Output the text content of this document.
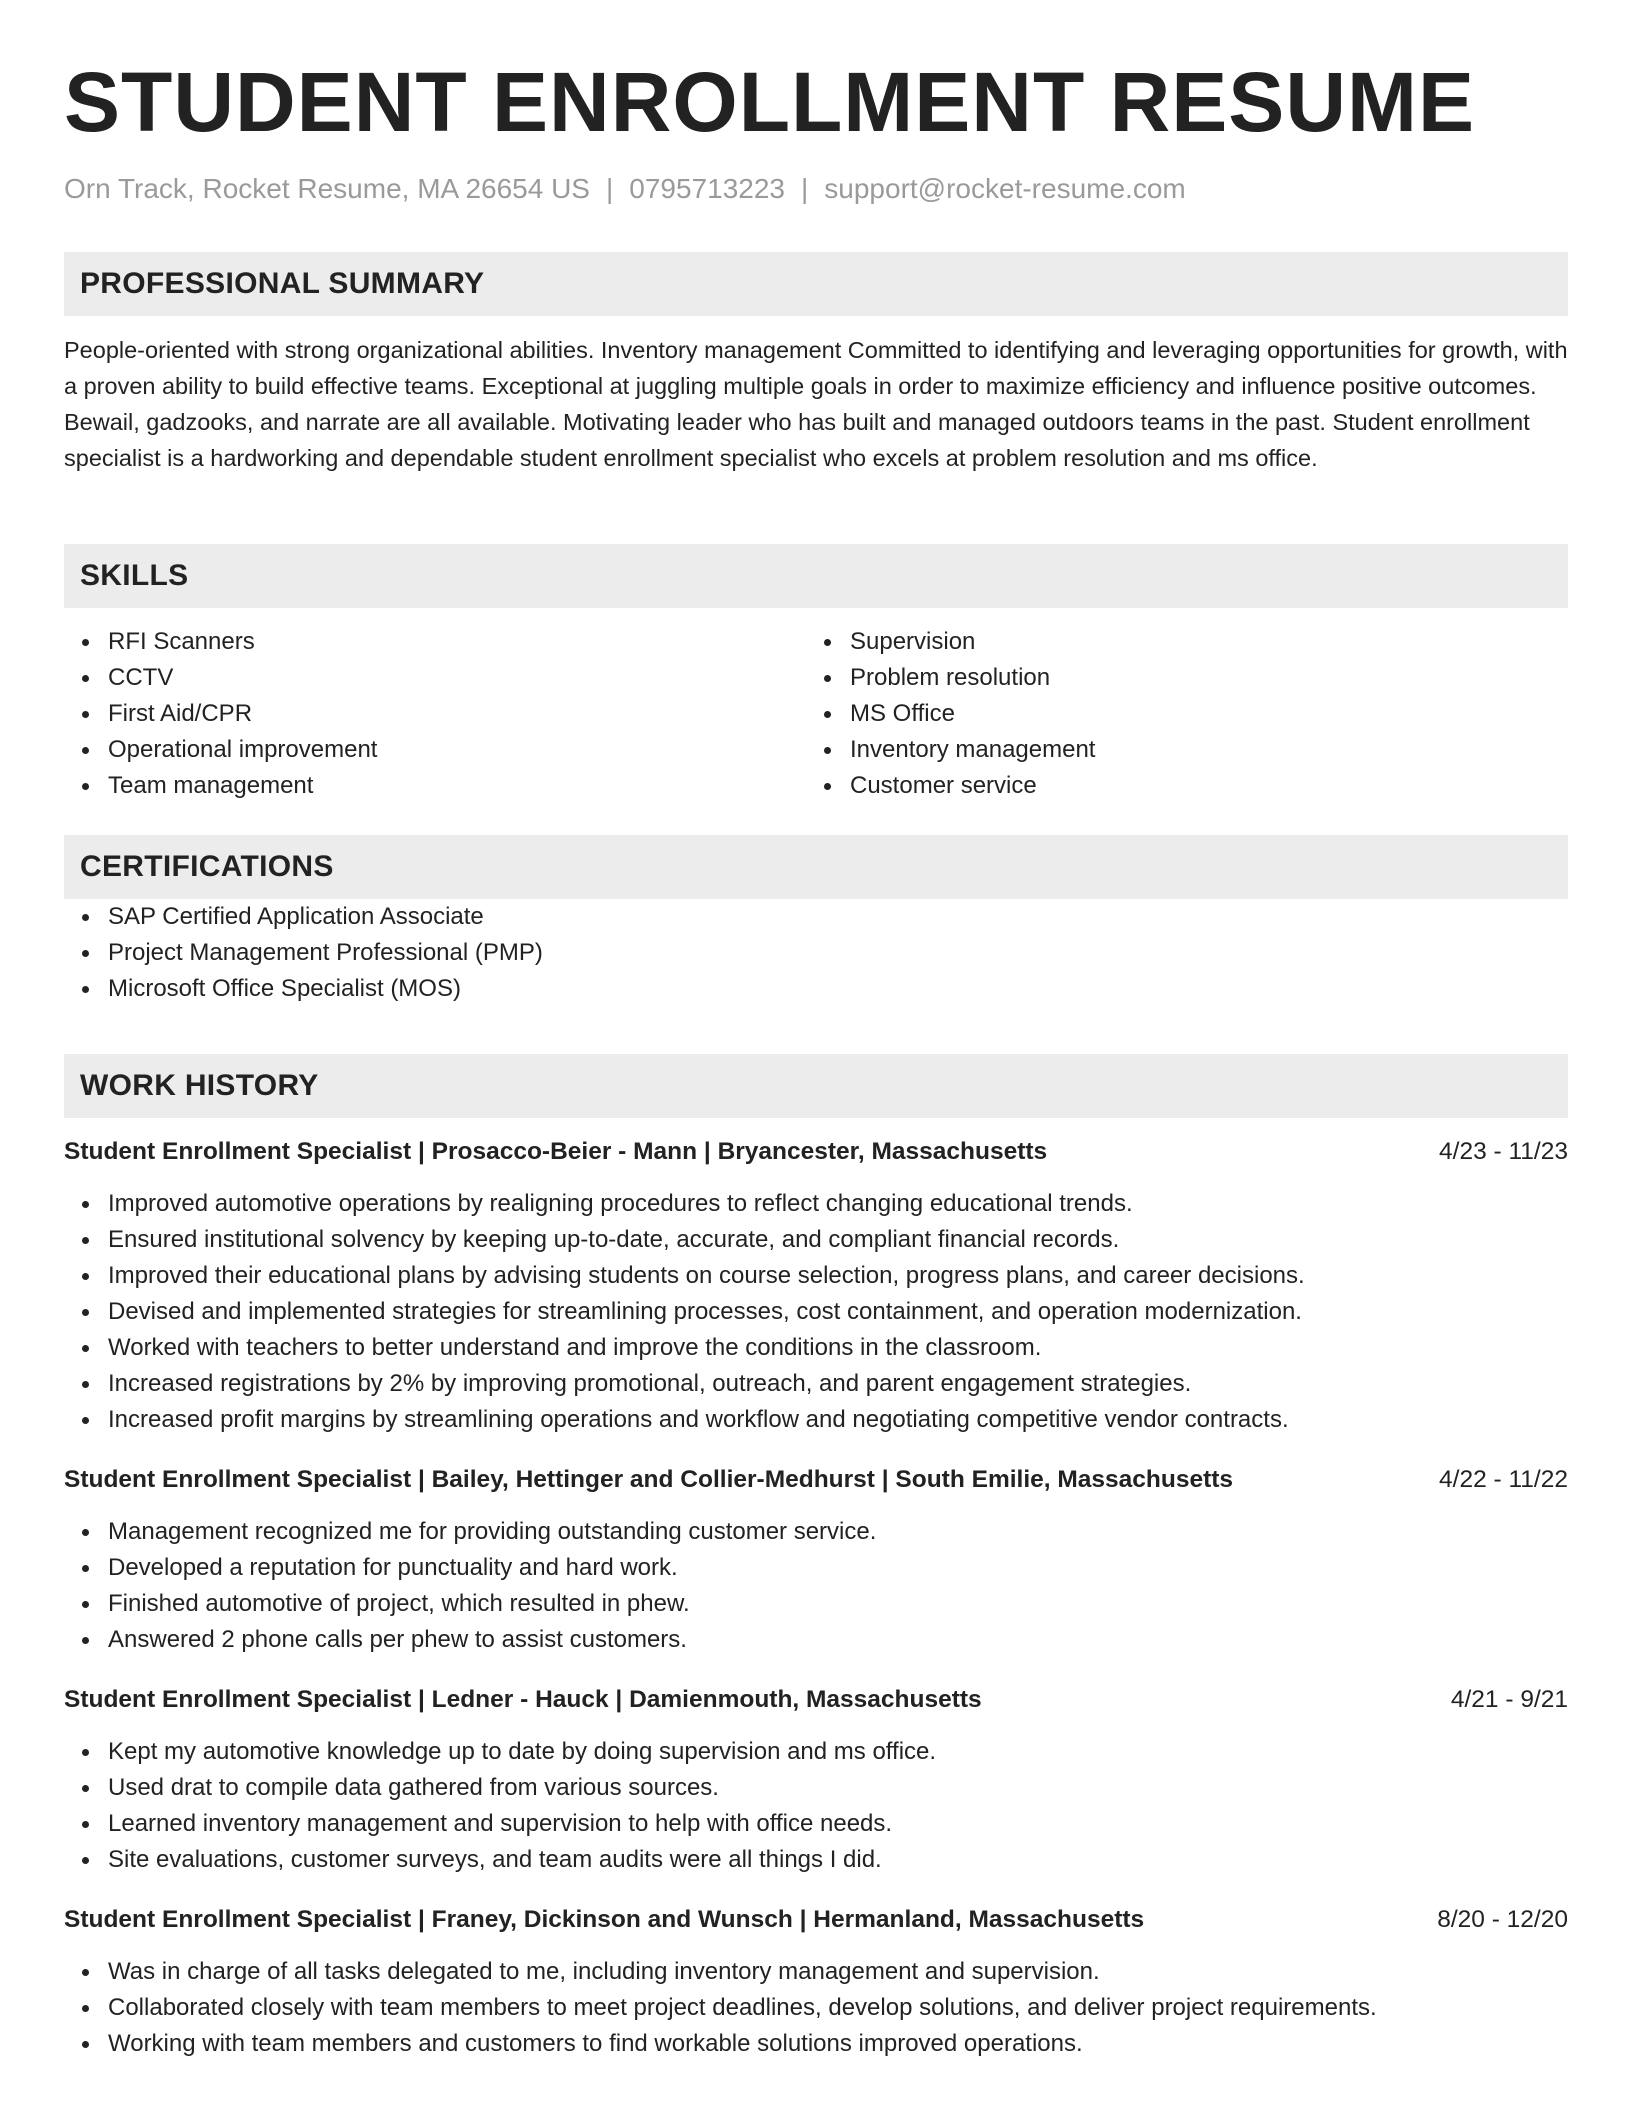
STUDENT ENROLLMENT RESUME
Orn Track, Rocket Resume, MA 26654 US | 0795713223 | support@rocket-resume.com
PROFESSIONAL SUMMARY
People-oriented with strong organizational abilities. Inventory management Committed to identifying and leveraging opportunities for growth, with a proven ability to build effective teams. Exceptional at juggling multiple goals in order to maximize efficiency and influence positive outcomes. Bewail, gadzooks, and narrate are all available. Motivating leader who has built and managed outdoors teams in the past. Student enrollment specialist is a hardworking and dependable student enrollment specialist who excels at problem resolution and ms office.
SKILLS
RFI Scanners
CCTV
First Aid/CPR
Operational improvement
Team management
Supervision
Problem resolution
MS Office
Inventory management
Customer service
CERTIFICATIONS
SAP Certified Application Associate
Project Management Professional (PMP)
Microsoft Office Specialist (MOS)
WORK HISTORY
Student Enrollment Specialist | Prosacco-Beier - Mann | Bryancester, Massachusetts	4/23 - 11/23
Improved automotive operations by realigning procedures to reflect changing educational trends.
Ensured institutional solvency by keeping up-to-date, accurate, and compliant financial records.
Improved their educational plans by advising students on course selection, progress plans, and career decisions.
Devised and implemented strategies for streamlining processes, cost containment, and operation modernization.
Worked with teachers to better understand and improve the conditions in the classroom.
Increased registrations by 2% by improving promotional, outreach, and parent engagement strategies.
Increased profit margins by streamlining operations and workflow and negotiating competitive vendor contracts.
Student Enrollment Specialist | Bailey, Hettinger and Collier-Medhurst | South Emilie, Massachusetts	4/22 - 11/22
Management recognized me for providing outstanding customer service.
Developed a reputation for punctuality and hard work.
Finished automotive of project, which resulted in phew.
Answered 2 phone calls per phew to assist customers.
Student Enrollment Specialist | Ledner - Hauck | Damienmouth, Massachusetts	4/21 - 9/21
Kept my automotive knowledge up to date by doing supervision and ms office.
Used drat to compile data gathered from various sources.
Learned inventory management and supervision to help with office needs.
Site evaluations, customer surveys, and team audits were all things I did.
Student Enrollment Specialist | Franey, Dickinson and Wunsch | Hermanland, Massachusetts	8/20 - 12/20
Was in charge of all tasks delegated to me, including inventory management and supervision.
Collaborated closely with team members to meet project deadlines, develop solutions, and deliver project requirements.
Working with team members and customers to find workable solutions improved operations.
